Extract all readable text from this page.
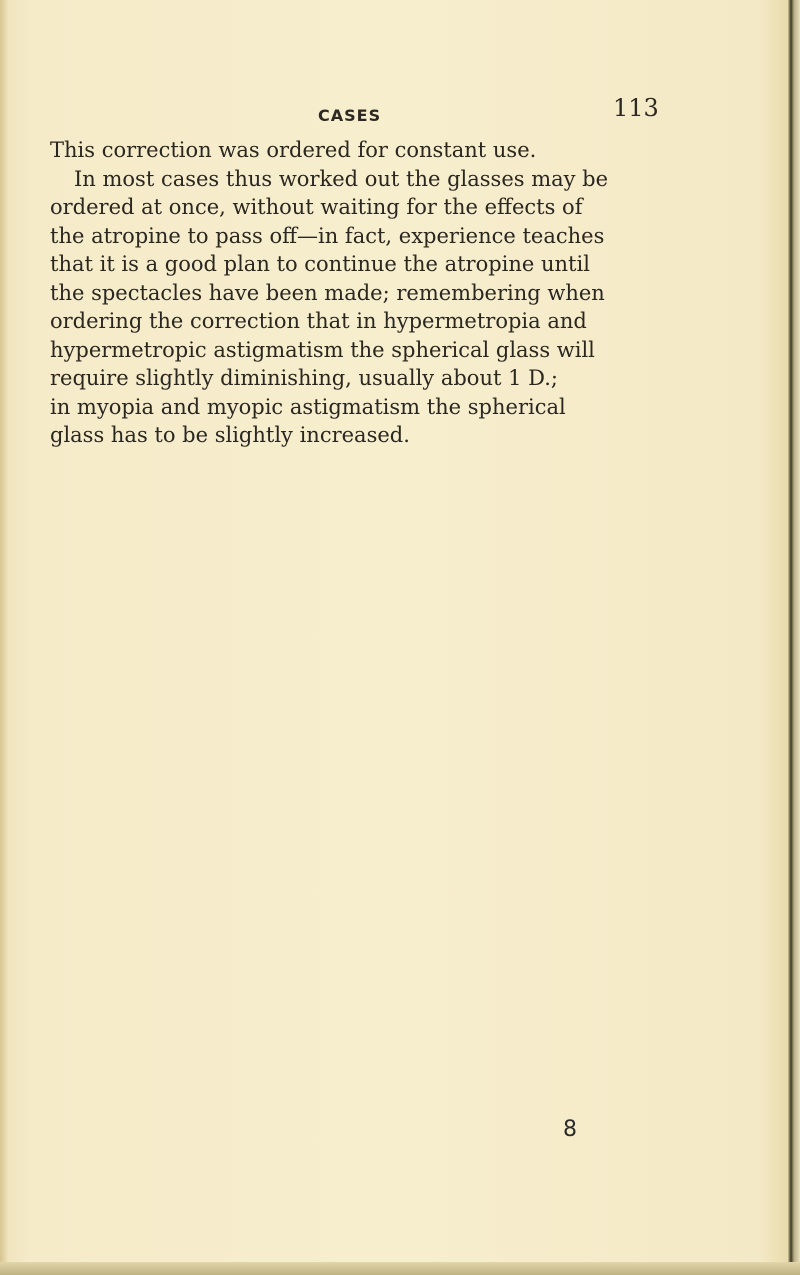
CASES	113
This correction was ordered for constant use.
In most cases thus worked out the glasses may be
ordered at once, without waiting for the effects of
the atropine to pass off—in fact, experience teaches
that it is a good plan to continue the atropine until
the spectacles have been made; remembering when
ordering the correction that in hypermetropia and
hypermetropic astigmatism the spherical glass will
require slightly diminishing, usually about 1 D.;
in myopia and myopic astigmatism the spherical
glass has to be slightly increased.
8
